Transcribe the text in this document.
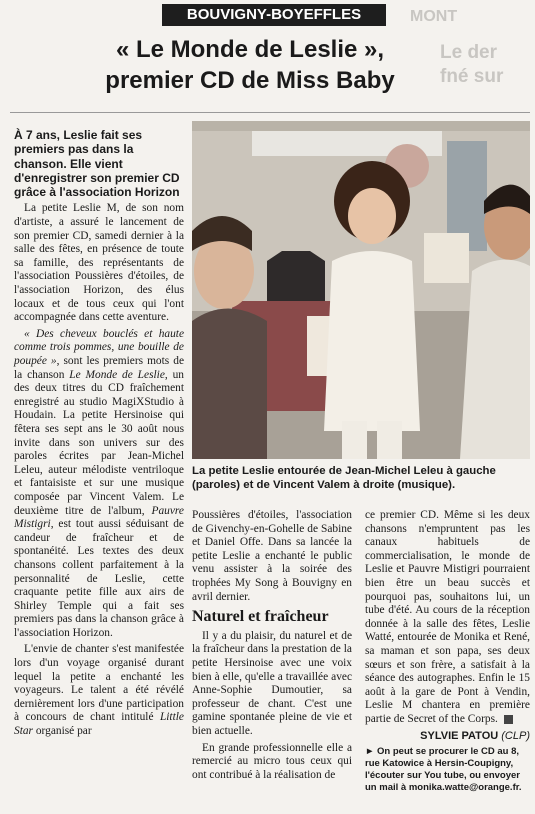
MONT
Le der
fné sur
BOUVIGNY-BOYEFFLES
« Le Monde de Leslie »,
premier CD de Miss Baby

À 7 ans, Leslie fait ses premiers pas dans la chanson. Elle vient d'enregistrer son premier CD grâce à l'association Horizon

La petite Leslie M, de son nom d'artiste, a assuré le lancement de son premier CD, samedi dernier à la salle des fêtes, en présence de toute sa famille, des représentants de l'association Poussières d'étoiles, de l'association Horizon, des élus locaux et de tous ceux qui l'ont accompagnée dans cette aventure.

« Des cheveux bouclés et haute comme trois pommes, une bouille de poupée », sont les premiers mots de la chanson Le Monde de Leslie, un des deux titres du CD fraîchement enregistré au studio MagiXStudio à Houdain. La petite Hersinoise qui fêtera ses sept ans le 30 août nous invite dans son univers sur des paroles écrites par Jean-Michel Leleu, auteur mélodiste ventriloque et fantaisiste et sur une musique composée par Vincent Valem. Le deuxième titre de l'album, Pauvre Mistigri, est tout aussi séduisant de candeur de fraîcheur et de spontanéité. Les textes des deux chansons collent parfaitement à la personnalité de Leslie, cette craquante petite fille aux airs de Shirley Temple qui a fait ses premiers pas dans la chanson grâce à l'association Horizon.

L'envie de chanter s'est manifestée lors d'un voyage organisé durant lequel la petite a enchanté les voyageurs. Le talent a été révélé dernièrement lors d'une participation à concours de chant intitulé Little Star organisé par

La petite Leslie entourée de Jean-Michel Leleu à gauche (paroles) et de Vincent Valem à droite (musique).

Poussières d'étoiles, l'association de Givenchy-en-Gohelle de Sabine et Daniel Offe. Dans sa lancée la petite Leslie a enchanté le public venu assister à la soirée des trophées My Song à Bouvigny en avril dernier.

Naturel et fraîcheur

Il y a du plaisir, du naturel et de la fraîcheur dans la prestation de la petite Hersinoise avec une voix bien à elle, qu'elle a travaillée avec Anne-Sophie Dumoutier, sa professeur de chant. C'est une gamine spontanée pleine de vie et bien actuelle.

En grande professionnelle elle a remercié au micro tous ceux qui ont contribué à la réalisation de

ce premier CD. Même si les deux chansons n'empruntent pas les canaux habituels de commercialisation, le monde de Leslie et Pauvre Mistigri pourraient bien être un beau succès et pourquoi pas, souhaitons lui, un tube d'été. Au cours de la réception donnée à la salle des fêtes, Leslie Watté, entourée de Monika et René, sa maman et son papa, ses deux sœurs et son frère, a satisfait à la séance des autographes. Enfin le 15 août à la gare de Pont à Vendin, Leslie M chantera en première partie de Secret of the Corps.

SYLVIE PATOU (CLP)

► On peut se procurer le CD au 8, rue Katowice à Hersin-Coupigny, l'écouter sur You tube, ou envoyer un mail à monika.watte@orange.fr.
